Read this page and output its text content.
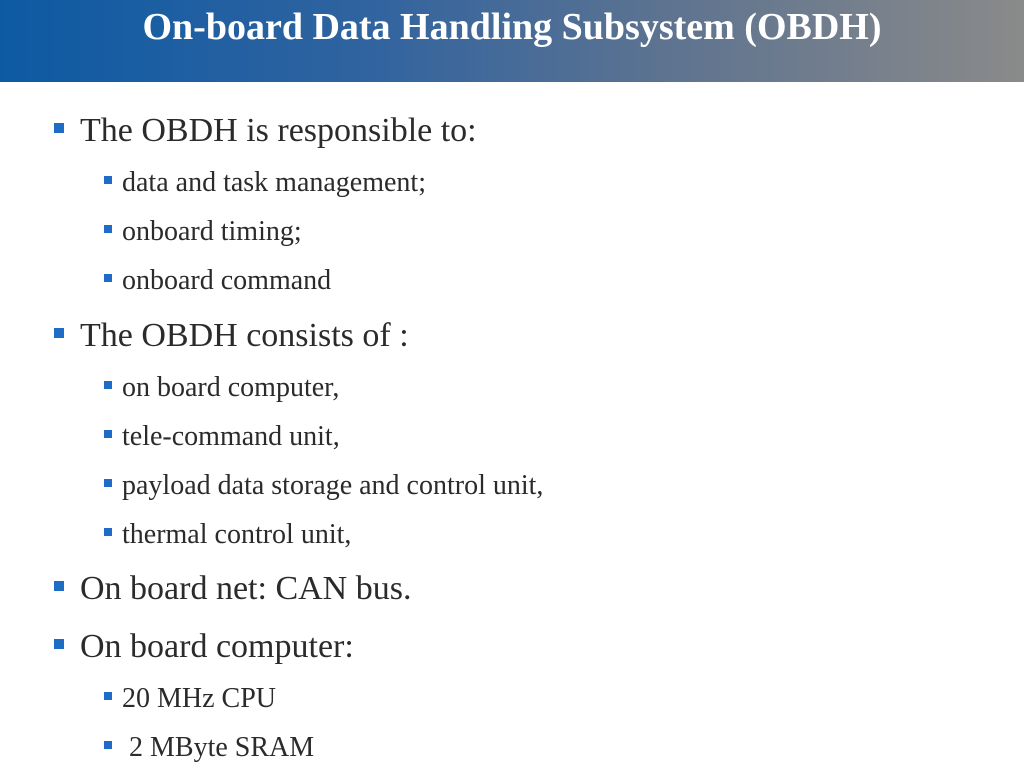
On-board Data Handling Subsystem (OBDH)
The OBDH is responsible to:
data and task management;
onboard timing;
onboard command
The OBDH consists of :
on board computer,
tele-command unit,
payload data storage and control unit,
thermal control unit,
On board net: CAN bus.
On board computer:
20 MHz CPU
2 MByte SRAM
